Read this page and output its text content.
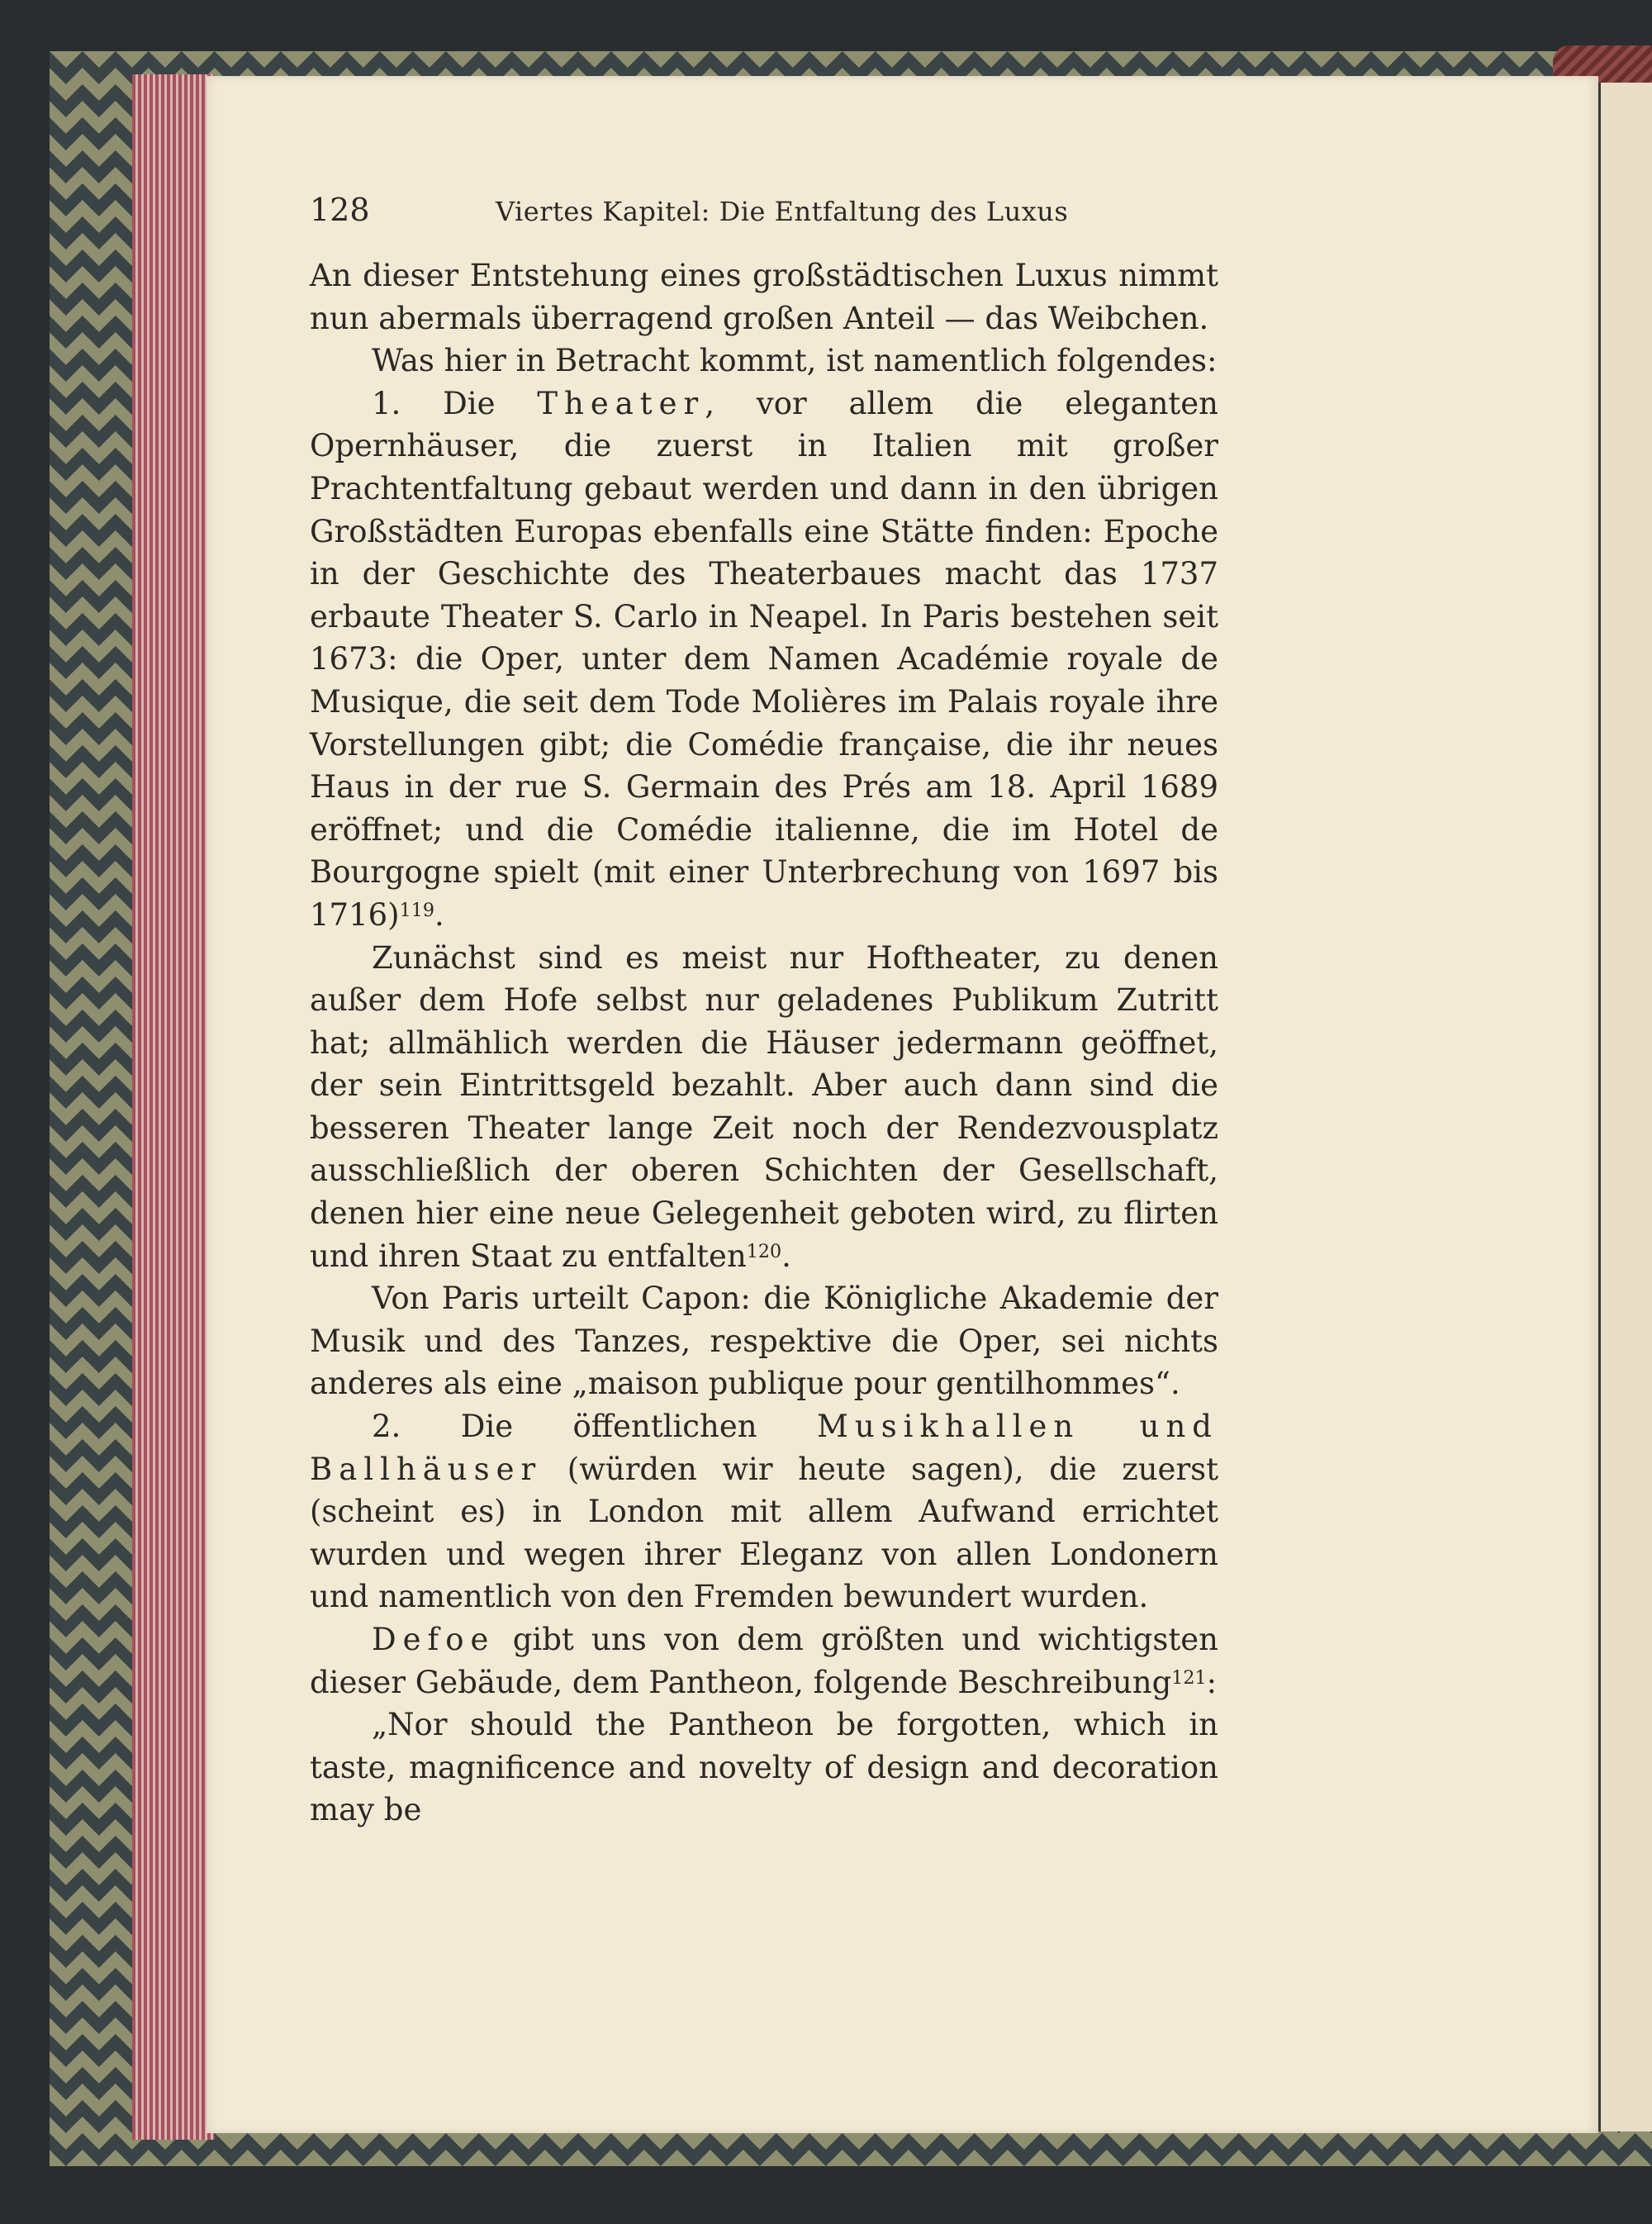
128	Viertes Kapitel: Die Entfaltung des Luxus

An dieser Entstehung eines großstädtischen Luxus nimmt nun abermals überragend großen Anteil — das Weibchen.

Was hier in Betracht kommt, ist namentlich folgendes:

1. Die Theater, vor allem die eleganten Opernhäuser, die zuerst in Italien mit großer Prachtentfaltung gebaut werden und dann in den übrigen Großstädten Europas ebenfalls eine Stätte finden: Epoche in der Geschichte des Theaterbaues macht das 1737 erbaute Theater S. Carlo in Neapel. In Paris bestehen seit 1673: die Oper, unter dem Namen Académie royale de Musique, die seit dem Tode Molières im Palais royale ihre Vorstellungen gibt; die Comédie française, die ihr neues Haus in der rue S. Germain des Prés am 18. April 1689 eröffnet; und die Comédie italienne, die im Hotel de Bourgogne spielt (mit einer Unterbrechung von 1697 bis 1716)$^{119}$.

Zunächst sind es meist nur Hoftheater, zu denen außer dem Hofe selbst nur geladenes Publikum Zutritt hat; allmählich werden die Häuser jedermann geöffnet, der sein Eintrittsgeld bezahlt. Aber auch dann sind die besseren Theater lange Zeit noch der Rendezvousplatz ausschließlich der oberen Schichten der Gesellschaft, denen hier eine neue Gelegenheit geboten wird, zu flirten und ihren Staat zu entfalten$^{120}$.

Von Paris urteilt Capon: die Königliche Akademie der Musik und des Tanzes, respektive die Oper, sei nichts anderes als eine „maison publique pour gentilhommes“.

2. Die öffentlichen Musikhallen und Ballhäuser (würden wir heute sagen), die zuerst (scheint es) in London mit allem Aufwand errichtet wurden und wegen ihrer Eleganz von allen Londonern und namentlich von den Fremden bewundert wurden.

Defoe gibt uns von dem größten und wichtigsten dieser Gebäude, dem Pantheon, folgende Beschreibung$^{121}$:

„Nor should the Pantheon be forgotten, which in taste, magnificence and novelty of design and decoration may be
